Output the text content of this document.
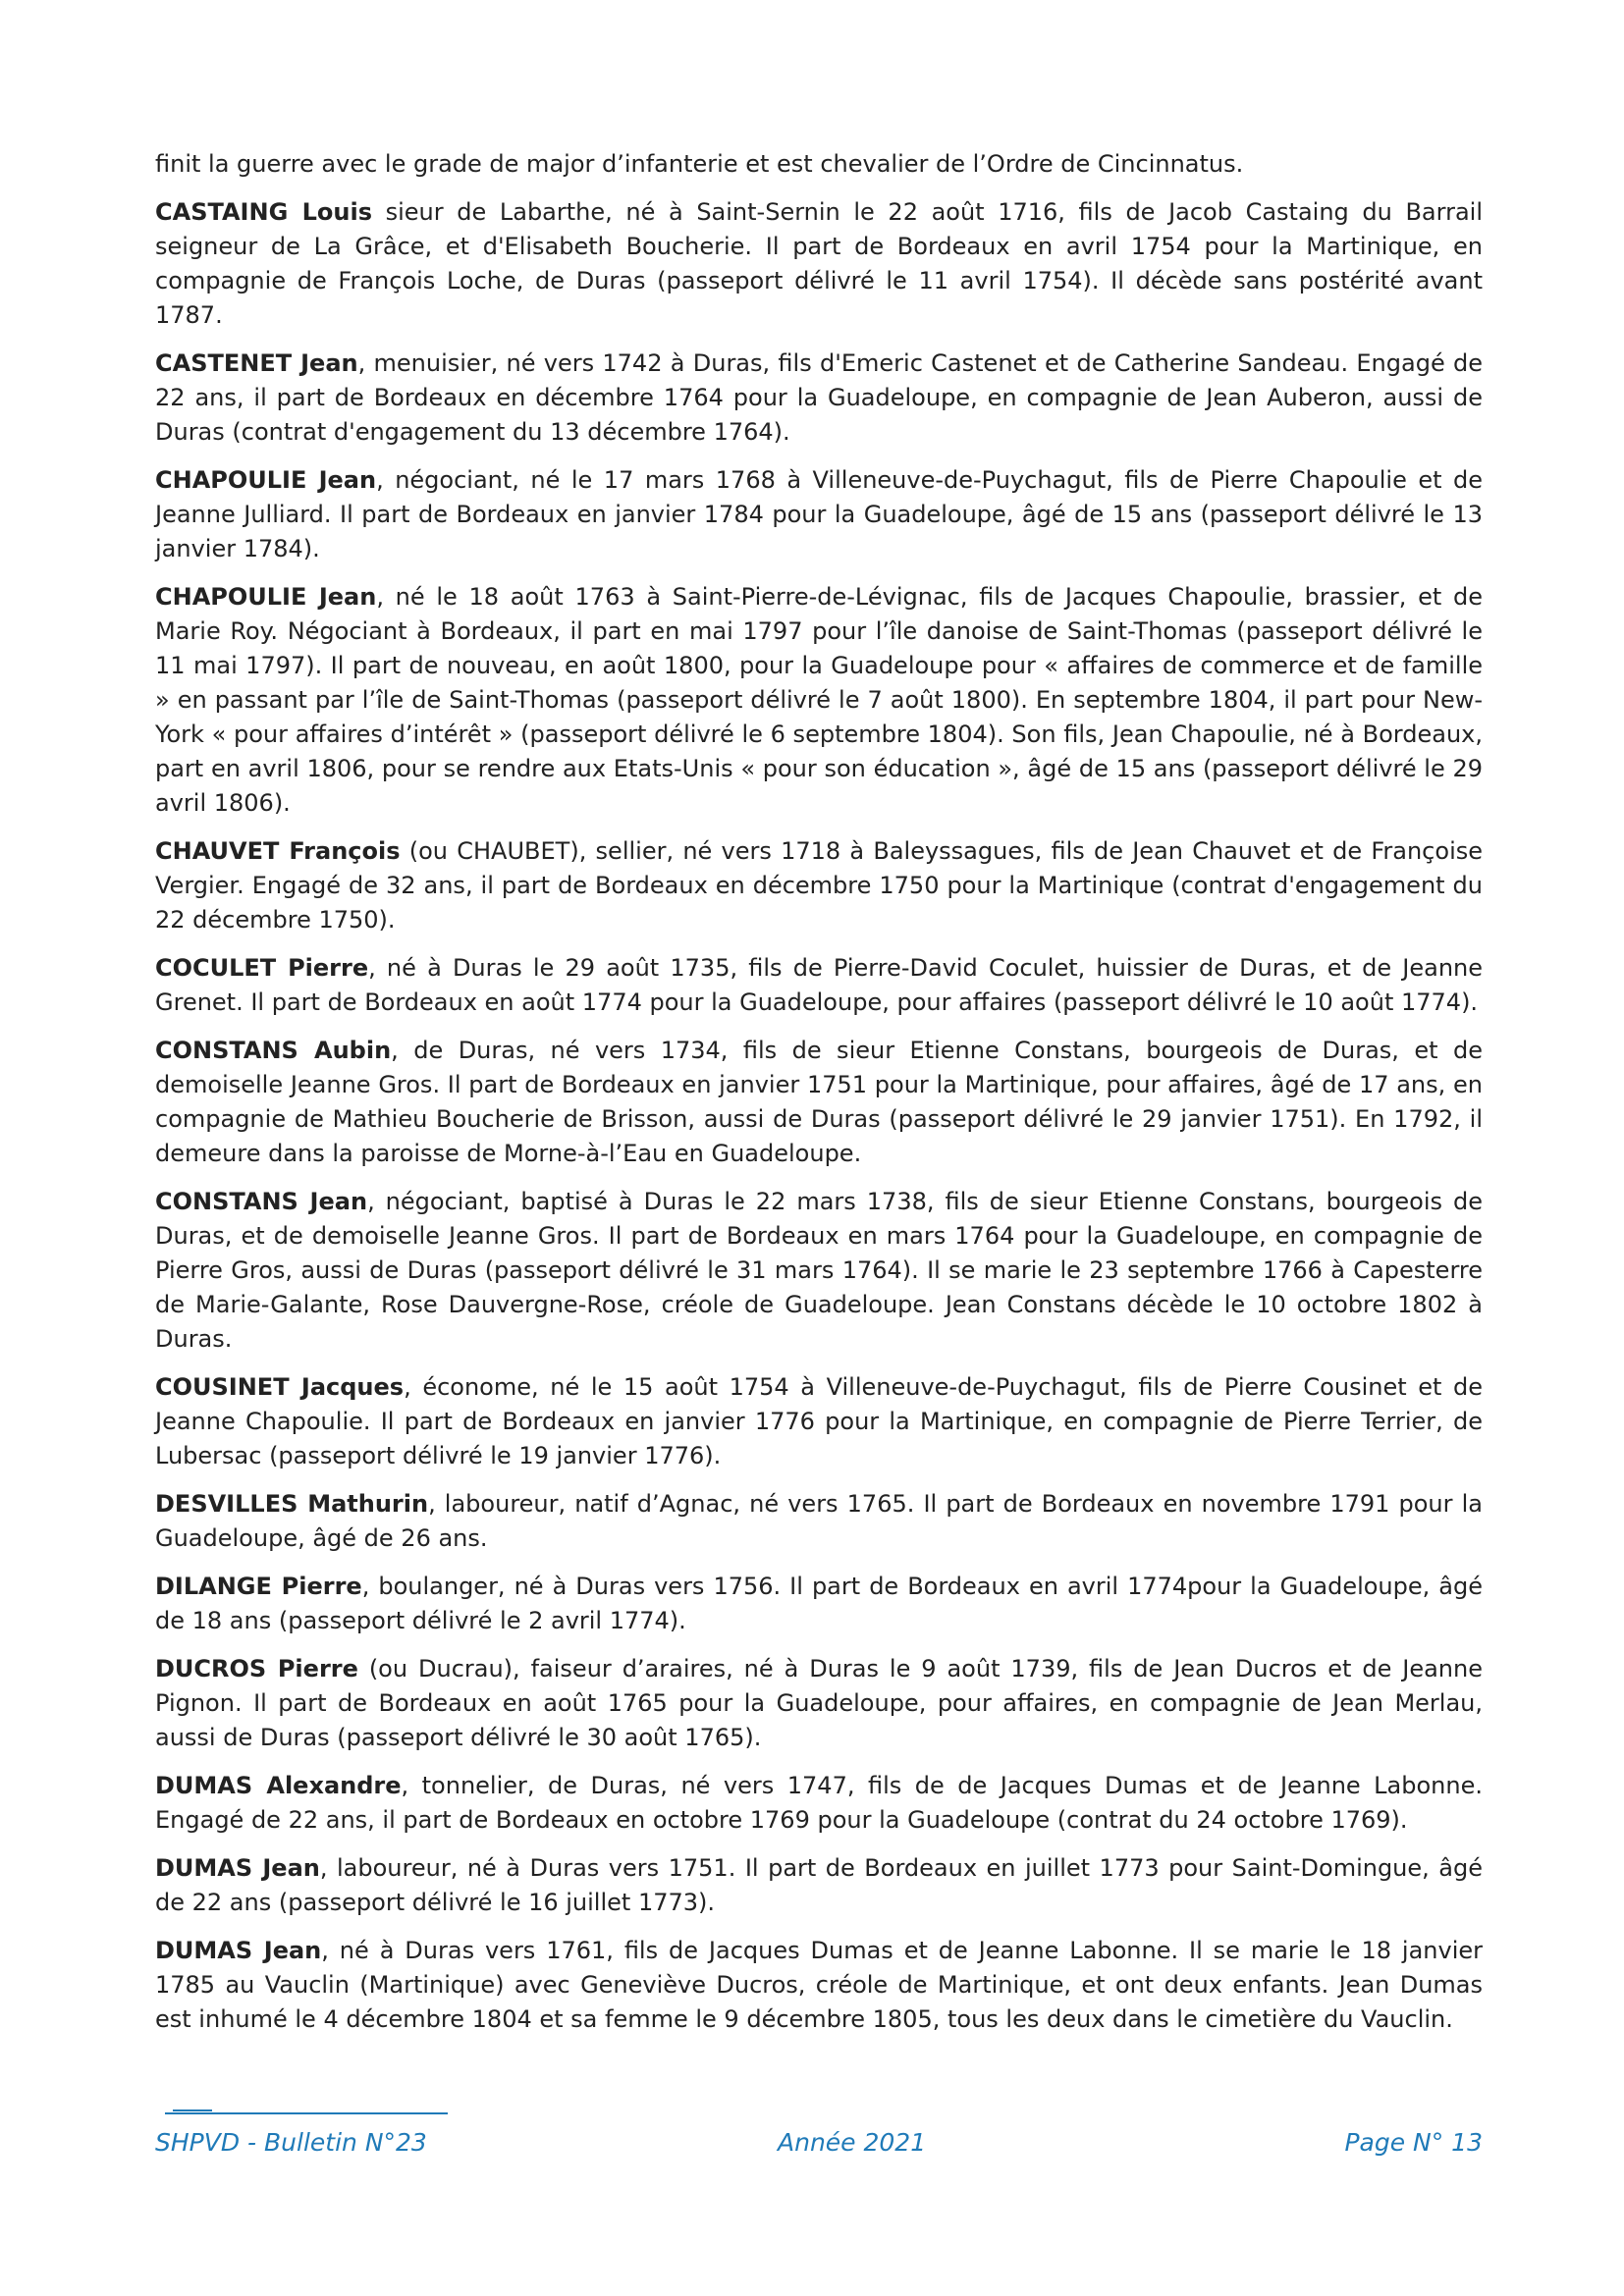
finit la guerre avec le grade de major d’infanterie et est chevalier de l’Ordre de Cincinnatus.

CASTAING Louis sieur de Labarthe, né à Saint-Sernin le 22 août 1716, fils de Jacob Castaing du Barrail seigneur de La Grâce, et d'Elisabeth Boucherie. Il part de Bordeaux en avril 1754 pour la Martinique, en compagnie de François Loche, de Duras (passeport délivré le 11 avril 1754). Il décède sans postérité avant 1787.

CASTENET Jean, menuisier, né vers 1742 à Duras, fils d'Emeric Castenet et de Catherine Sandeau. Engagé de 22 ans, il part de Bordeaux en décembre 1764 pour la Guadeloupe, en compagnie de Jean Auberon, aussi de Duras (contrat d'engagement du 13 décembre 1764).

CHAPOULIE Jean, négociant, né le 17 mars 1768 à Villeneuve-de-Puychagut, fils de Pierre Chapoulie et de Jeanne Julliard. Il part de Bordeaux en janvier 1784 pour la Guadeloupe, âgé de 15 ans (passeport délivré le 13 janvier 1784).

CHAPOULIE Jean, né le 18 août 1763 à Saint-Pierre-de-Lévignac, fils de Jacques Chapoulie, brassier, et de Marie Roy. Négociant à Bordeaux, il part en mai 1797 pour l’île danoise de Saint-Thomas (passeport délivré le 11 mai 1797). Il part de nouveau, en août 1800, pour la Guadeloupe pour « affaires de commerce et de famille » en passant par l’île de Saint-Thomas (passeport délivré le 7 août 1800). En septembre 1804, il part pour New-York « pour affaires d’intérêt » (passeport délivré le 6 septembre 1804). Son fils, Jean Chapoulie, né à Bordeaux, part en avril 1806, pour se rendre aux Etats-Unis « pour son éducation », âgé de 15 ans (passeport délivré le 29 avril 1806).

CHAUVET François (ou CHAUBET), sellier, né vers 1718 à Baleyssagues, fils de Jean Chauvet et de Françoise Vergier. Engagé de 32 ans, il part de Bordeaux en décembre 1750 pour la Martinique (contrat d'engagement du 22 décembre 1750).

COCULET Pierre, né à Duras le 29 août 1735, fils de Pierre-David Coculet, huissier de Duras, et de Jeanne Grenet. Il part de Bordeaux en août 1774 pour la Guadeloupe, pour affaires (passeport délivré le 10 août 1774).

CONSTANS Aubin, de Duras, né vers 1734, fils de sieur Etienne Constans, bourgeois de Duras, et de demoiselle Jeanne Gros. Il part de Bordeaux en janvier 1751 pour la Martinique, pour affaires, âgé de 17 ans, en compagnie de Mathieu Boucherie de Brisson, aussi de Duras (passeport délivré le 29 janvier 1751). En 1792, il demeure dans la paroisse de Morne-à-l’Eau en Guadeloupe.

CONSTANS Jean, négociant, baptisé à Duras le 22 mars 1738, fils de sieur Etienne Constans, bourgeois de Duras, et de demoiselle Jeanne Gros. Il part de Bordeaux en mars 1764 pour la Guadeloupe, en compagnie de Pierre Gros, aussi de Duras (passeport délivré le 31 mars 1764). Il se marie le 23 septembre 1766 à Capesterre de Marie-Galante, Rose Dauvergne-Rose, créole de Guadeloupe. Jean Constans décède le 10 octobre 1802 à Duras.

COUSINET Jacques, économe, né le 15 août 1754 à Villeneuve-de-Puychagut, fils de Pierre Cousinet et de Jeanne Chapoulie. Il part de Bordeaux en janvier 1776 pour la Martinique, en compagnie de Pierre Terrier, de Lubersac (passeport délivré le 19 janvier 1776).

DESVILLES Mathurin, laboureur, natif d’Agnac, né vers 1765. Il part de Bordeaux en novembre 1791 pour la Guadeloupe, âgé de 26 ans.

DILANGE Pierre, boulanger, né à Duras vers 1756. Il part de Bordeaux en avril 1774pour la Guadeloupe, âgé de 18 ans (passeport délivré le 2 avril 1774).

DUCROS Pierre (ou Ducrau), faiseur d’araires, né à Duras le 9 août 1739, fils de Jean Ducros et de Jeanne Pignon. Il part de Bordeaux en août 1765 pour la Guadeloupe, pour affaires, en compagnie de Jean Merlau, aussi de Duras (passeport délivré le 30 août 1765).

DUMAS Alexandre, tonnelier, de Duras, né vers 1747, fils de de Jacques Dumas et de Jeanne Labonne. Engagé de 22 ans, il part de Bordeaux en octobre 1769 pour la Guadeloupe (contrat du 24 octobre 1769).

DUMAS Jean, laboureur, né à Duras vers 1751. Il part de Bordeaux en juillet 1773 pour Saint-Domingue, âgé de 22 ans (passeport délivré le 16 juillet 1773).

DUMAS Jean, né à Duras vers 1761, fils de Jacques Dumas et de Jeanne Labonne. Il se marie le 18 janvier 1785 au Vauclin (Martinique) avec Geneviève Ducros, créole de Martinique, et ont deux enfants. Jean Dumas est inhumé le 4 décembre 1804 et sa femme le 9 décembre 1805, tous les deux dans le cimetière du Vauclin.

SHPVD - Bulletin N°23	Année 2021	Page N° 13
